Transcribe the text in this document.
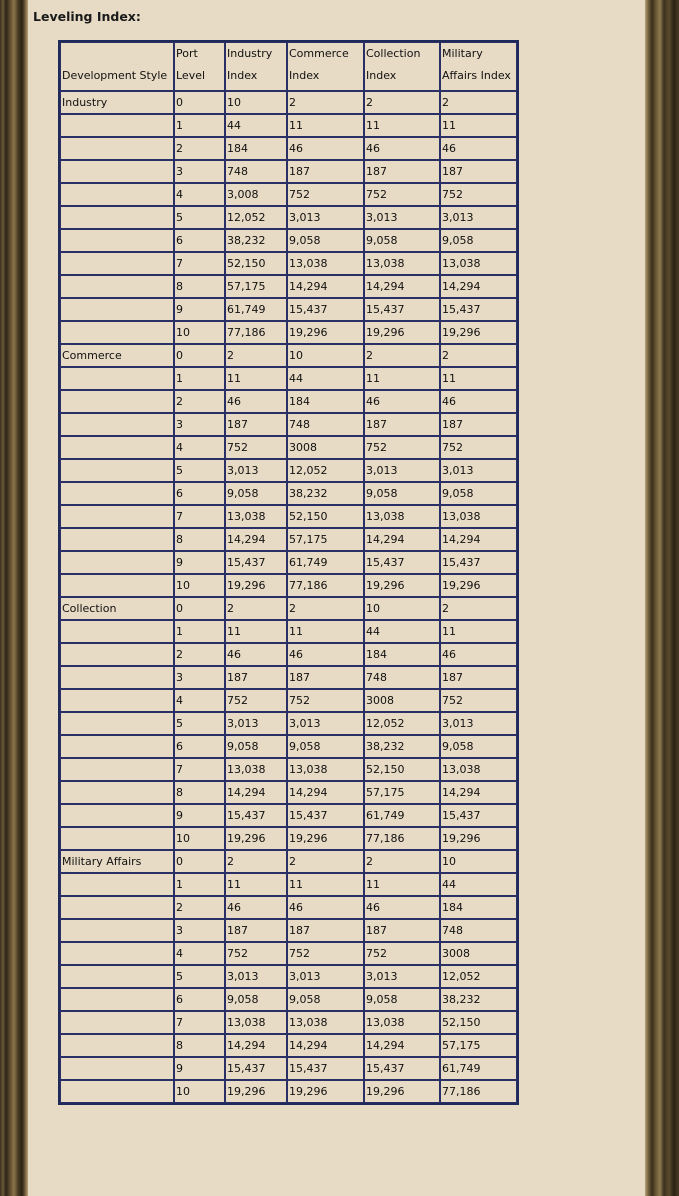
Leveling Index:
Development Style	Port Level	Industry Index	Commerce Index	Collection Index	Military Affairs Index
Industry	0	10	2	2	2
	1	44	11	11	11
	2	184	46	46	46
	3	748	187	187	187
	4	3,008	752	752	752
	5	12,052	3,013	3,013	3,013
	6	38,232	9,058	9,058	9,058
	7	52,150	13,038	13,038	13,038
	8	57,175	14,294	14,294	14,294
	9	61,749	15,437	15,437	15,437
	10	77,186	19,296	19,296	19,296
Commerce	0	2	10	2	2
	1	11	44	11	11
	2	46	184	46	46
	3	187	748	187	187
	4	752	3008	752	752
	5	3,013	12,052	3,013	3,013
	6	9,058	38,232	9,058	9,058
	7	13,038	52,150	13,038	13,038
	8	14,294	57,175	14,294	14,294
	9	15,437	61,749	15,437	15,437
	10	19,296	77,186	19,296	19,296
Collection	0	2	2	10	2
	1	11	11	44	11
	2	46	46	184	46
	3	187	187	748	187
	4	752	752	3008	752
	5	3,013	3,013	12,052	3,013
	6	9,058	9,058	38,232	9,058
	7	13,038	13,038	52,150	13,038
	8	14,294	14,294	57,175	14,294
	9	15,437	15,437	61,749	15,437
	10	19,296	19,296	77,186	19,296
Military Affairs	0	2	2	2	10
	1	11	11	11	44
	2	46	46	46	184
	3	187	187	187	748
	4	752	752	752	3008
	5	3,013	3,013	3,013	12,052
	6	9,058	9,058	9,058	38,232
	7	13,038	13,038	13,038	52,150
	8	14,294	14,294	14,294	57,175
	9	15,437	15,437	15,437	61,749
	10	19,296	19,296	19,296	77,186
